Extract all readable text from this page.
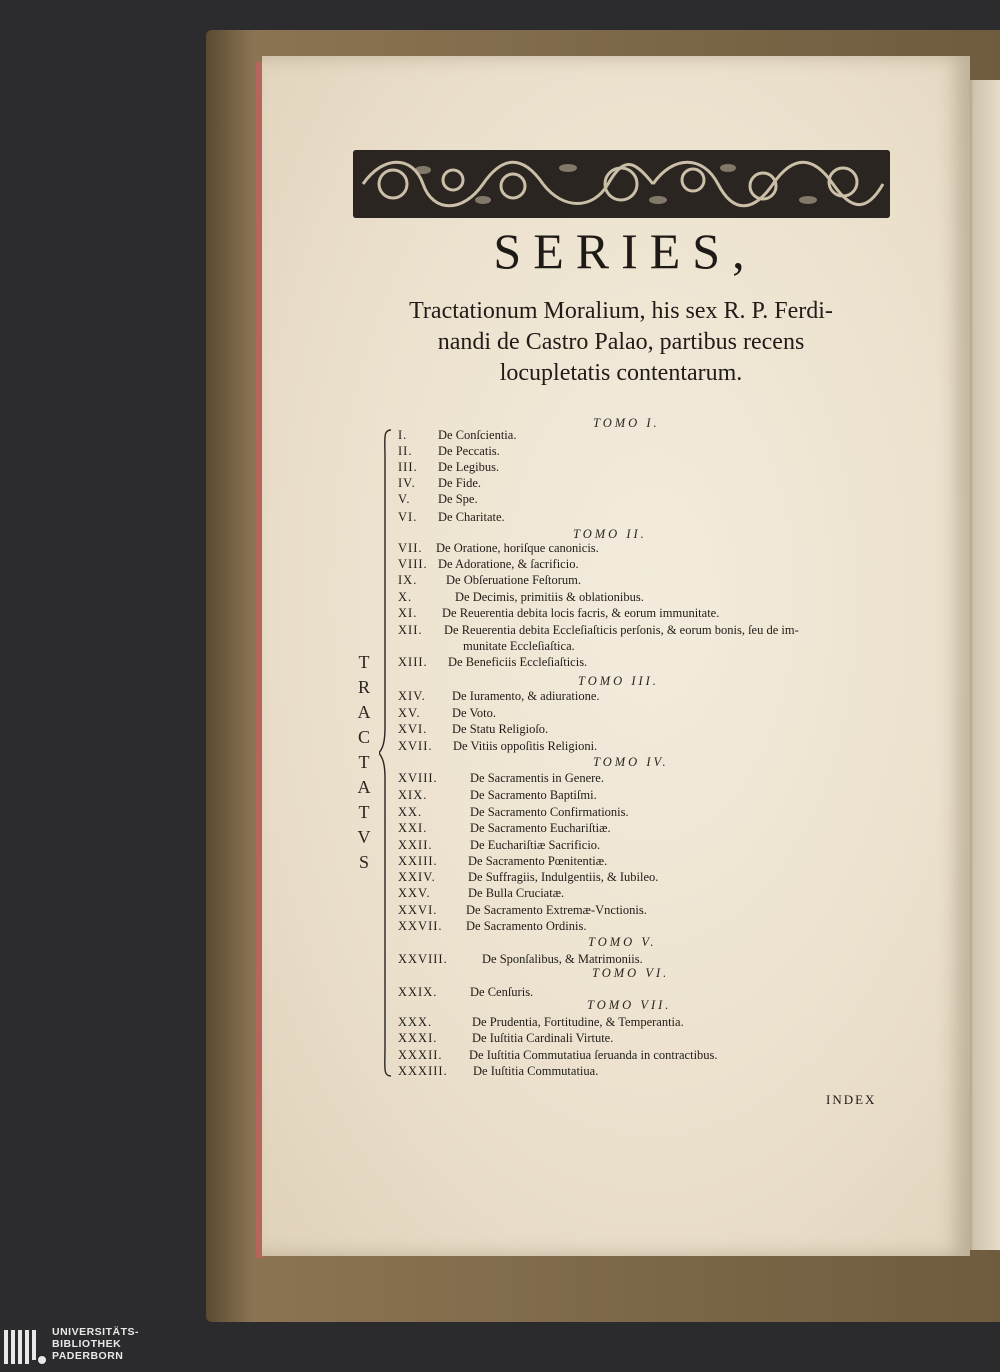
SERIES,
Tractationum Moralium, his sex R. P. Ferdi-
nandi de Castro Palao, partibus recens
locupletatis contentarum.
T
R
A
C
T
A
T
V
S
TOMO I.
TOMO II.
TOMO III.
TOMO IV.
TOMO V.
TOMO VI.
TOMO VII.
I. De Conſcientia.
II. De Peccatis.
III. De Legibus.
IV. De Fide.
V. De Spe.
VI. De Charitate.
VII. De Oratione, horiſque canonicis.
VIII. De Adoratione, & ſacrificio.
IX. De Obſeruatione Feſtorum.
X.	De Decimis, primitiis & oblationibus.
XI. De Reuerentia debita locis facris, & eorum immunitate.
XII. De Reuerentia debita Eccleſiaſticis perſonis, & eorum bonis, ſeu de im-
munitate Eccleſiaſtica.
XIII. De Beneficiis Eccleſiaſticis.
XIV. De Iuramento, & adiuratione.
XV.	De Voto.
XVI. De Statu Religioſo.
XVII. De Vitiis oppoſitis Religioni.
XVIII.	De Sacramentis in Genere.
XIX.	De Sacramento Baptiſmi.
XX.	De Sacramento Confirmationis.
XXI.	De Sacramento Euchariſtiæ.
XXII.	De Euchariſtiæ Sacrificio.
XXIII. De Sacramento Pœnitentiæ.
XXIV.	De Suffragiis, Indulgentiis, & Iubileo.
XXV.	De Bulla Cruciatæ.
XXVI. De Sacramento Extremæ-Vnctionis.
XXVII. De Sacramento Ordinis.
XXVIII.	De Sponſalibus, & Matrimoniis.
XXIX.	De Cenſuris.
XXX.	De Prudentia, Fortitudine, & Temperantia.
XXXI.	De Iuſtitia Cardinali Virtute.
XXXII. De Iuſtitia Commutatiua ſeruanda in contractibus.
XXXIII. De Iuſtitia Commutatiua.
INDEX
UNIVERSITÄTS-
BIBLIOTHEK
PADERBORN
